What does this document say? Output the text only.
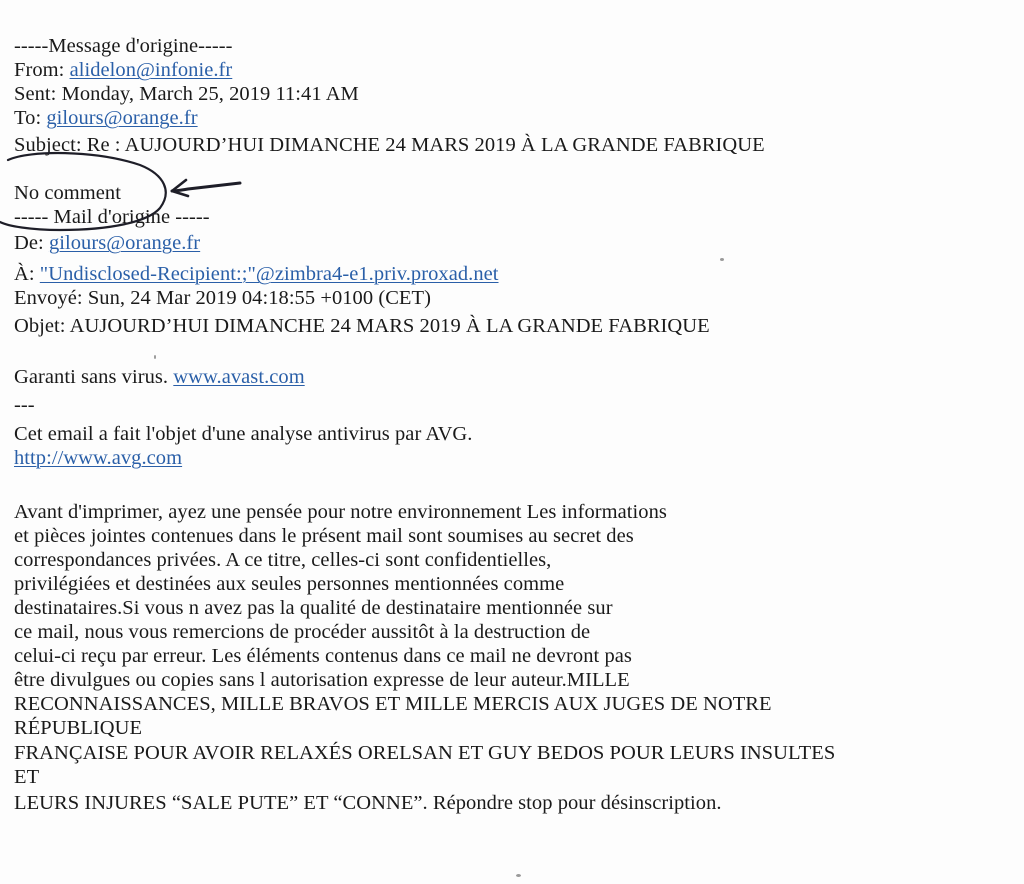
-----Message d'origine-----
From: alidelon@infonie.fr
Sent: Monday, March 25, 2019 11:41 AM
To: gilours@orange.fr
Subject: Re : AUJOURD’HUI DIMANCHE 24 MARS 2019 À LA GRANDE FABRIQUE
No comment
----- Mail d'origine -----
De: gilours@orange.fr
À: "Undisclosed-Recipient:;"@zimbra4-e1.priv.proxad.net
Envoyé: Sun, 24 Mar 2019 04:18:55 +0100 (CET)
Objet: AUJOURD’HUI DIMANCHE 24 MARS 2019 À LA GRANDE FABRIQUE
Garanti sans virus. www.avast.com
---
Cet email a fait l'objet d'une analyse antivirus par AVG.
http://www.avg.com
Avant d'imprimer, ayez une pensée pour notre environnement Les informations
et pièces jointes contenues dans le présent mail sont soumises au secret des
correspondances privées. A ce titre, celles-ci sont confidentielles,
privilégiées et destinées aux seules personnes mentionnées comme
destinataires.Si vous n avez pas la qualité de destinataire mentionnée sur
ce mail, nous vous remercions de procéder aussitôt à la destruction de
celui-ci reçu par erreur. Les éléments contenus dans ce mail ne devront pas
être divulgues ou copies sans l autorisation expresse de leur auteur.MILLE
RECONNAISSANCES, MILLE BRAVOS ET MILLE MERCIS AUX JUGES DE NOTRE
RÉPUBLIQUE
FRANÇAISE POUR AVOIR RELAXÉS ORELSAN ET GUY BEDOS POUR LEURS INSULTES
ET
LEURS INJURES “SALE PUTE” ET “CONNE”. Répondre stop pour désinscription.
